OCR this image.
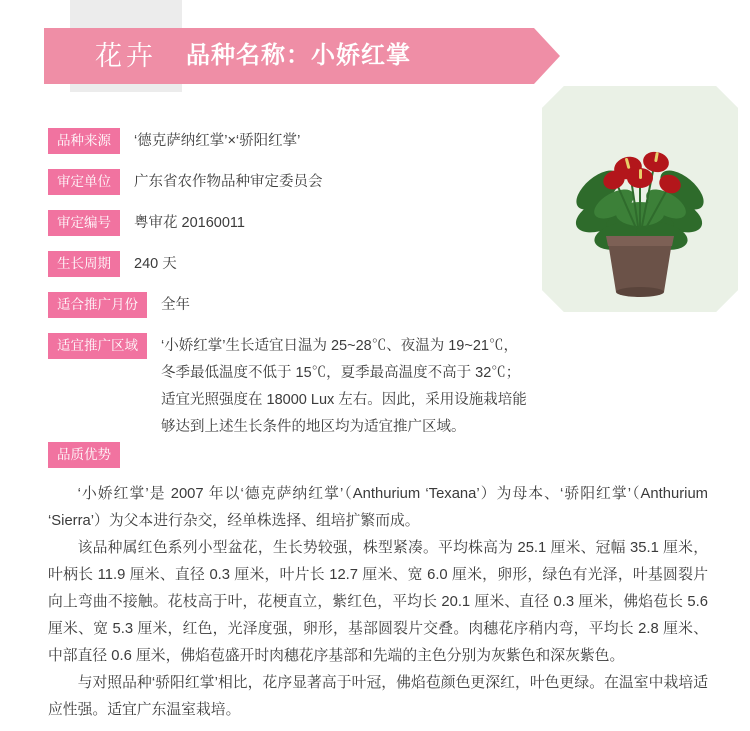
花卉	品种名称：小娇红掌
品种来源	‘德克萨纳红掌’×‘骄阳红掌’
审定单位	广东省农作物品种审定委员会
审定编号	粤审花 20160011
生长周期	240 天
适合推广月份	全年
适宜推广区域	‘小娇红掌’生长适宜日温为 25~28℃、夜温为 19~21℃，冬季最低温度不低于 15℃，夏季最高温度不高于 32℃；适宜光照强度在 18000 Lux 左右。因此，采用设施栽培能够达到上述生长条件的地区均为适宜推广区域。
品质优势

‘小娇红掌’是 2007 年以‘德克萨纳红掌’（Anthurium ‘Texana’）为母本、‘骄阳红掌’（Anthurium ‘Sierra’）为父本进行杂交，经单株选择、组培扩繁而成。

该品种属红色系列小型盆花，生长势较强，株型紧凑。平均株高为 25.1 厘米、冠幅 35.1 厘米，叶柄长 11.9 厘米、直径 0.3 厘米，叶片长 12.7 厘米、宽 6.0 厘米，卵形，绿色有光泽，叶基圆裂片向上弯曲不接触。花枝高于叶，花梗直立，紫红色，平均长 20.1 厘米、直径 0.3 厘米，佛焰苞长 5.6 厘米、宽 5.3 厘米，红色，光泽度强，卵形，基部圆裂片交叠。肉穗花序稍内弯，平均长 2.8 厘米、中部直径 0.6 厘米，佛焰苞盛开时肉穗花序基部和先端的主色分别为灰紫色和深灰紫色。

与对照品种‘骄阳红掌’相比，花序显著高于叶冠，佛焰苞颜色更深红，叶色更绿。在温室中栽培适应性强。适宜广东温室栽培。
